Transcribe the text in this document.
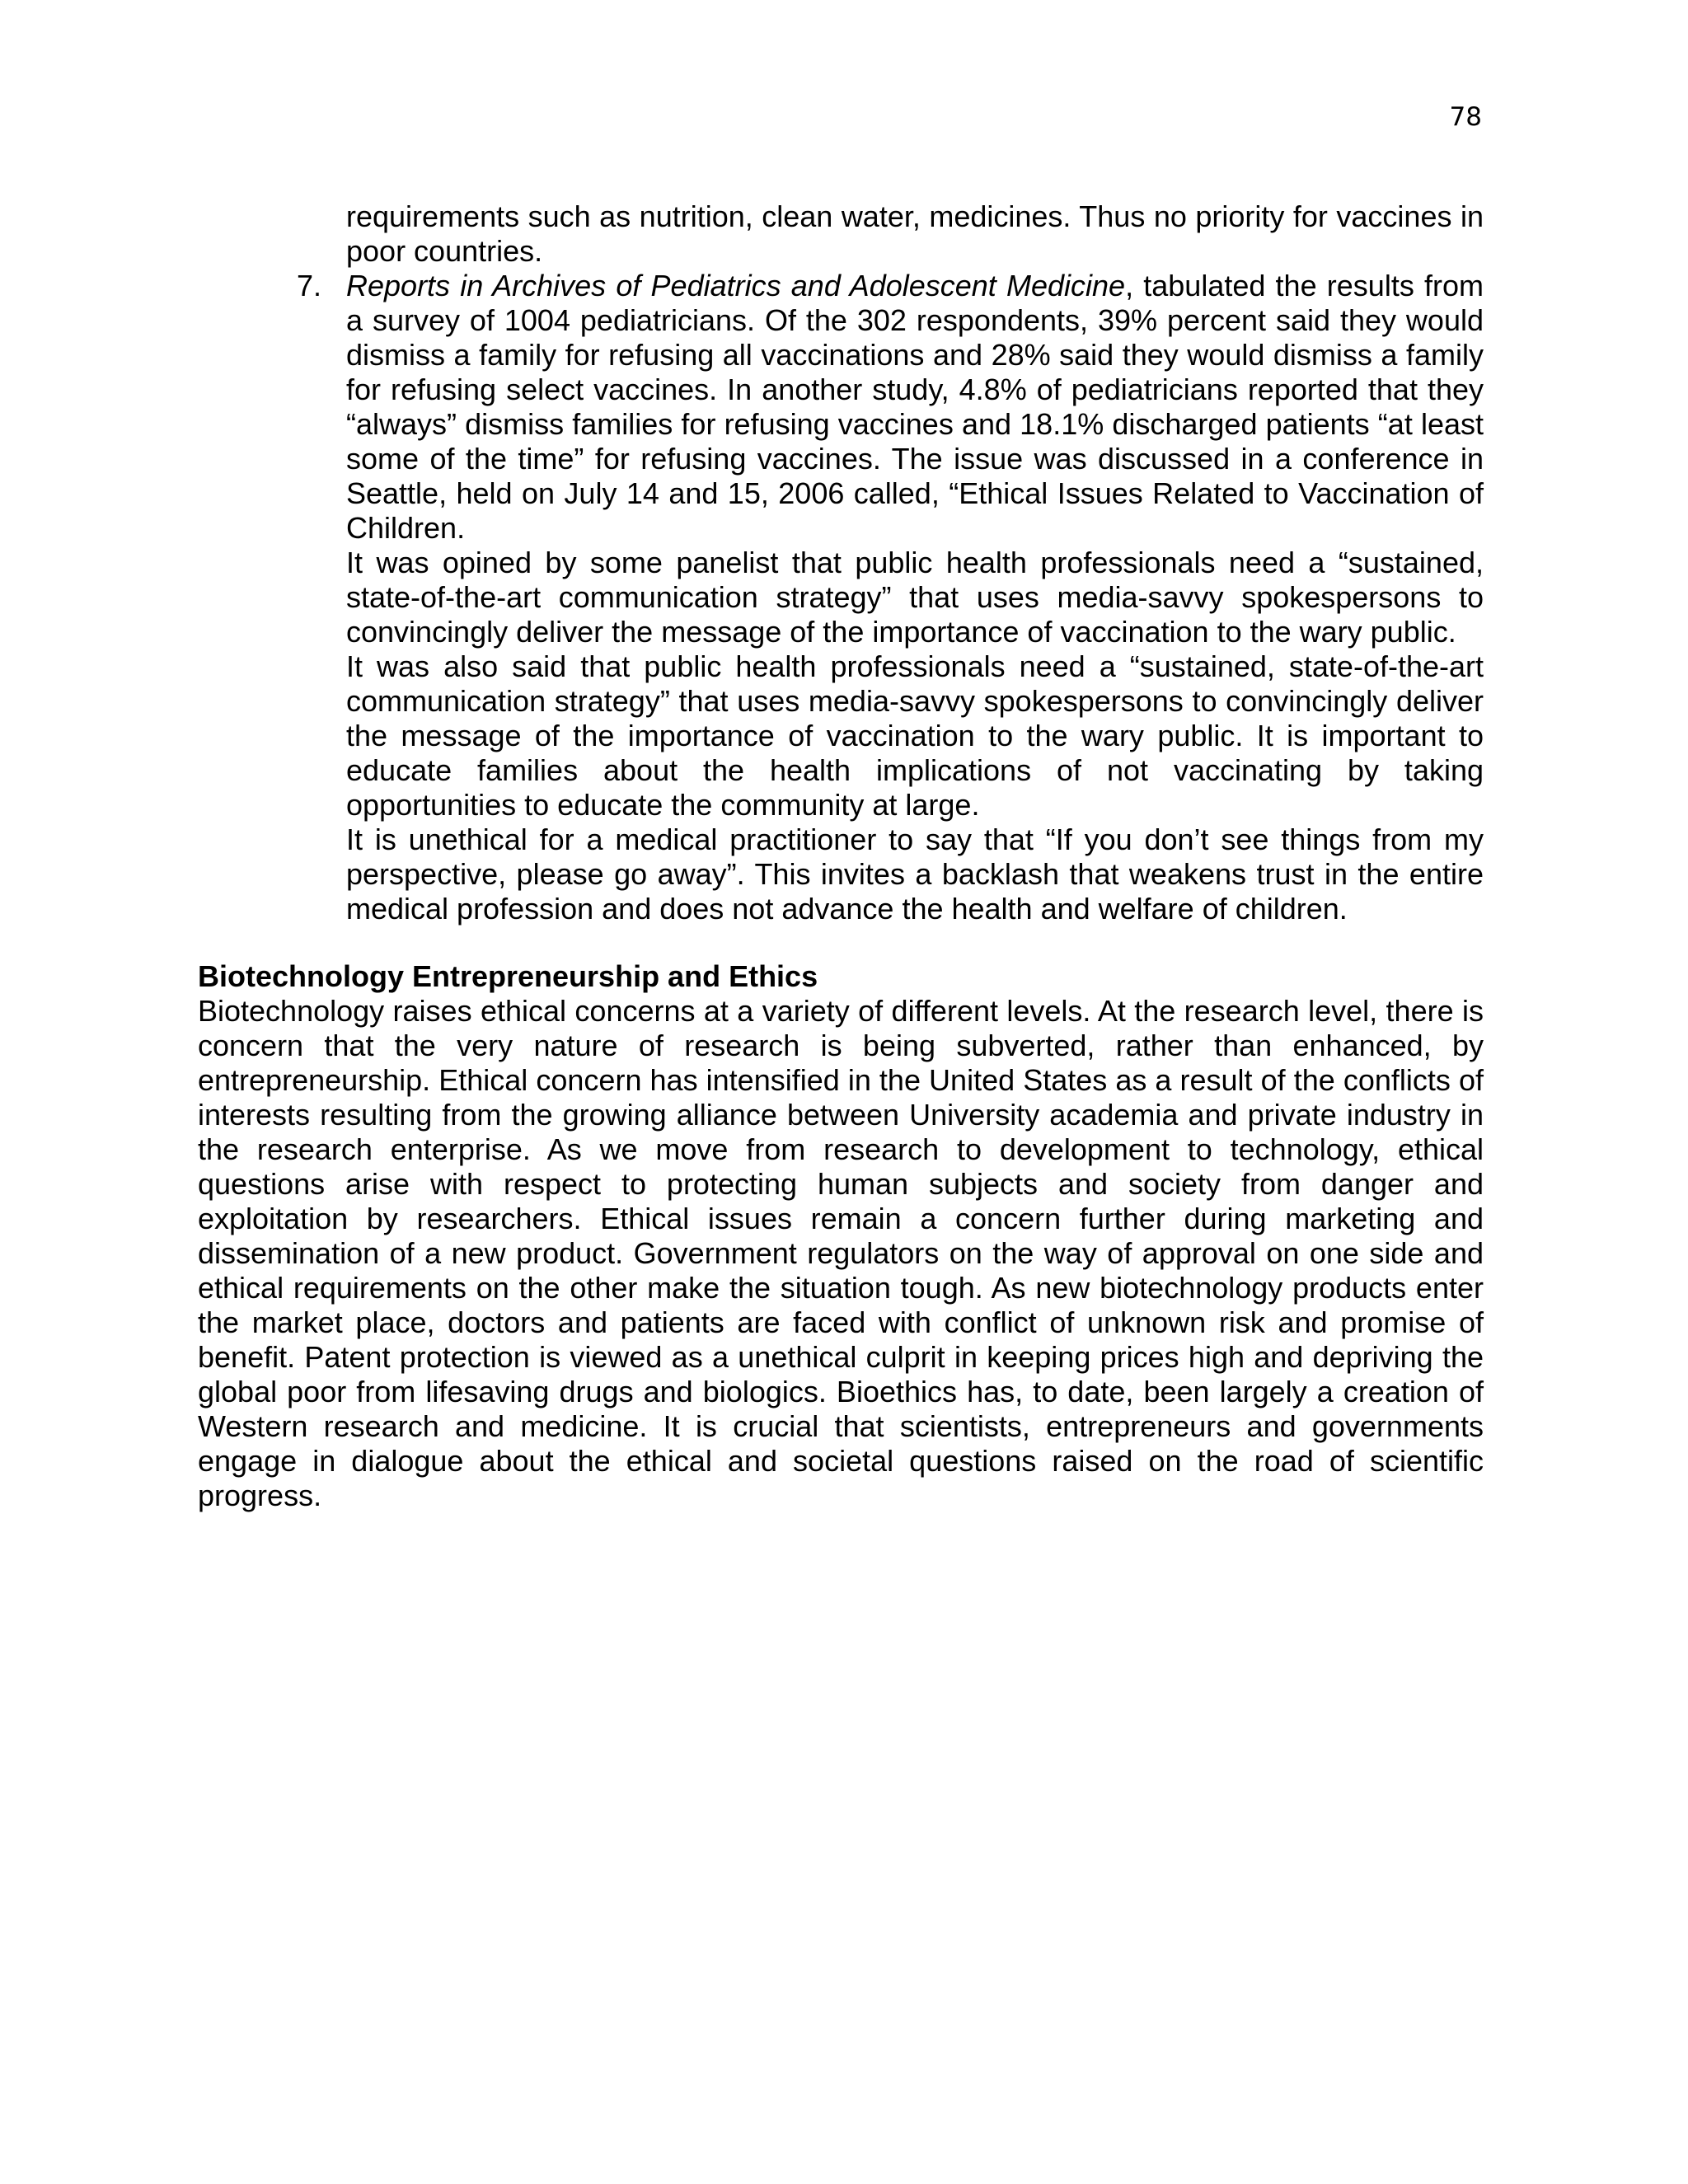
78

requirements such as nutrition, clean water, medicines. Thus no priority for vaccines in poor countries.

7. Reports in Archives of Pediatrics and Adolescent Medicine, tabulated the results from a survey of 1004 pediatricians. Of the 302 respondents, 39% percent said they would dismiss a family for refusing all vaccinations and 28% said they would dismiss a family for refusing select vaccines. In another study, 4.8% of pediatricians reported that they “always” dismiss families for refusing vaccines and 18.1% discharged patients “at least some of the time” for refusing vaccines. The issue was discussed in a conference in Seattle, held on July 14 and 15, 2006 called, “Ethical Issues Related to Vaccination of Children.

It was opined by some panelist that public health professionals need a “sustained, state-of-the-art communication strategy” that uses media-savvy spokespersons to convincingly deliver the message of the importance of vaccination to the wary public.

It was also said that public health professionals need a “sustained, state-of-the-art communication strategy” that uses media-savvy spokespersons to convincingly deliver the message of the importance of vaccination to the wary public. It is important to educate families about the health implications of not vaccinating by taking opportunities to educate the community at large.

It is unethical for a medical practitioner to say that “If you don’t see things from my perspective, please go away”. This invites a backlash that weakens trust in the entire medical profession and does not advance the health and welfare of children.

Biotechnology Entrepreneurship and Ethics

Biotechnology raises ethical concerns at a variety of different levels. At the research level, there is concern that the very nature of research is being subverted, rather than enhanced, by entrepreneurship. Ethical concern has intensified in the United States as a result of the conflicts of interests resulting from the growing alliance between University academia and private industry in the research enterprise. As we move from research to development to technology, ethical questions arise with respect to protecting human subjects and society from danger and exploitation by researchers. Ethical issues remain a concern further during marketing and dissemination of a new product. Government regulators on the way of approval on one side and ethical requirements on the other make the situation tough. As new biotechnology products enter the market place, doctors and patients are faced with conflict of unknown risk and promise of benefit. Patent protection is viewed as a unethical culprit in keeping prices high and depriving the global poor from lifesaving drugs and biologics. Bioethics has, to date, been largely a creation of Western research and medicine. It is crucial that scientists, entrepreneurs and governments engage in dialogue about the ethical and societal questions raised on the road of scientific progress.
